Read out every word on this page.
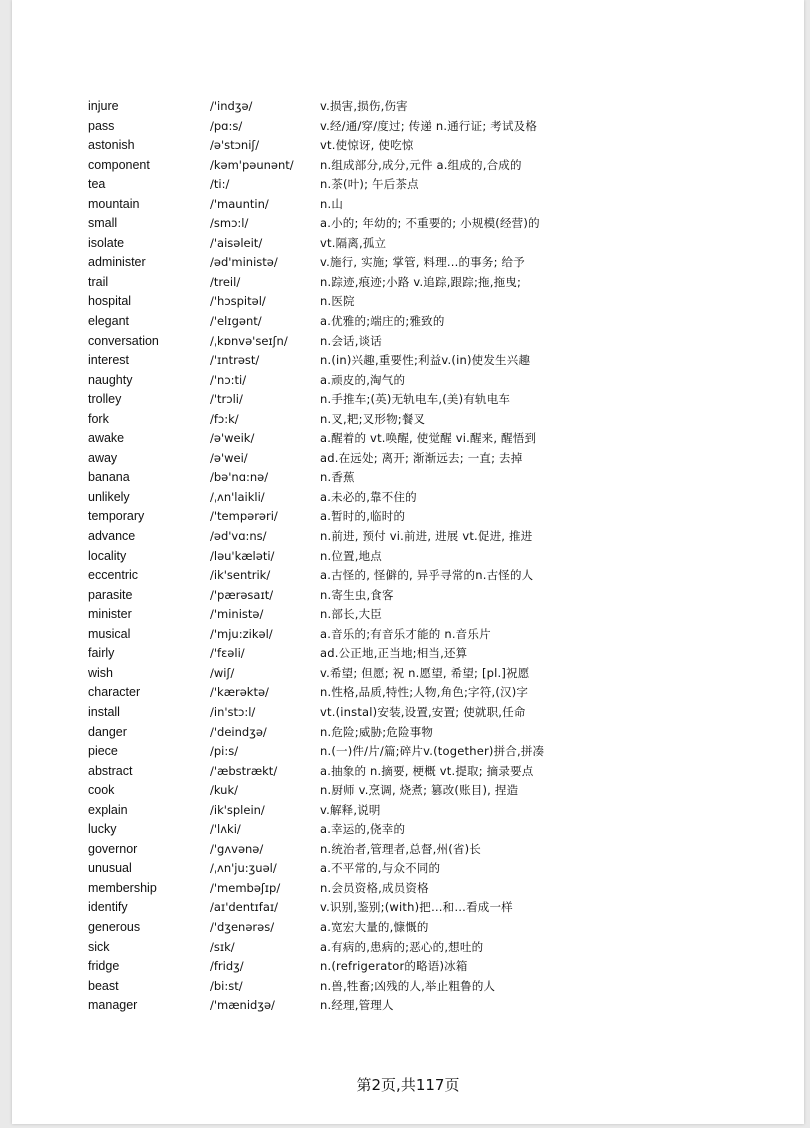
injure	/'indʒə/	v.损害,损伤,伤害
pass	/pɑ:s/	v.经/通/穿/度过; 传递 n.通行证; 考试及格
astonish	/ə'stɔniʃ/	vt.使惊讶, 使吃惊
component	/kəm'pəunənt/ n.组成部分,成分,元件 a.组成的,合成的
tea	/ti:/	n.茶(叶); 午后茶点
mountain	/'mauntin/	n.山
small	/smɔ:l/	a.小的; 年幼的; 不重要的; 小规模(经营)的
isolate	/'aisəleit/	vt.隔离,孤立
administer	/əd'ministə/	v.施行, 实施; 掌管, 料理...的事务; 给予
trail	/treil/	n.踪迹,痕迹;小路 v.追踪,跟踪;拖,拖曳;
hospital	/'hɔspitəl/	n.医院
elegant	/'elɪgənt/	a.优雅的;端庄的;雅致的
conversation	/ˌkɒnvə'seɪʃn/	n.会话,谈话
interest	/'ɪntrəst/	n.(in)兴趣,重要性;利益v.(in)使发生兴趣
naughty	/'nɔ:ti/	a.顽皮的,淘气的
trolley	/'trɔli/	n.手推车;(英)无轨电车,(美)有轨电车
fork	/fɔ:k/	n.叉,耙;叉形物;餐叉
awake	/ə'weik/	a.醒着的 vt.唤醒, 使觉醒 vi.醒来, 醒悟到
away	/ə'wei/	ad.在远处; 离开; 渐渐远去; 一直; 去掉
banana	/bə'nɑ:nə/	n.香蕉
unlikely	/ˌʌn'laikli/	a.未必的,靠不住的
temporary	/'tempərəri/	a.暂时的,临时的
advance	/əd'vɑ:ns/	n.前进, 预付 vi.前进, 进展 vt.促进, 推进
locality	/ləu'kæləti/	n.位置,地点
eccentric	/ik'sentrik/	a.古怪的, 怪僻的, 异乎寻常的n.古怪的人
parasite	/'pærəsaɪt/	n.寄生虫,食客
minister	/'ministə/	n.部长,大臣
musical	/'mju:zikəl/	a.音乐的;有音乐才能的 n.音乐片
fairly	/'fɛəli/	ad.公正地,正当地;相当,还算
wish	/wiʃ/	v.希望; 但愿; 祝 n.愿望, 希望; [pl.]祝愿
character	/'kærəktə/	n.性格,品质,特性;人物,角色;字符,(汉)字
install	/in'stɔ:l/	vt.(instal)安装,设置,安置; 使就职,任命
danger	/'deindʒə/	n.危险;威胁;危险事物
piece	/pi:s/	n.(一)件/片/篇;碎片v.(together)拼合,拼凑
abstract	/'æbstrækt/	a.抽象的 n.摘要, 梗概 vt.提取; 摘录要点
cook	/kuk/	n.厨师 v.烹调, 烧煮; 篡改(账目), 捏造
explain	/ik'splein/	v.解释,说明
lucky	/'lʌki/	a.幸运的,侥幸的
governor	/'gʌvənə/	n.统治者,管理者,总督,州(省)长
unusual	/ˌʌn'ju:ʒuəl/	a.不平常的,与众不同的
membership	/'membəʃɪp/	n.会员资格,成员资格
identify	/aɪ'dentɪfaɪ/	v.识别,鉴别;(with)把…和…看成一样
generous	/'dʒenərəs/	a.宽宏大量的,慷慨的
sick	/sɪk/	a.有病的,患病的;恶心的,想吐的
fridge	/fridʒ/	n.(refrigerator的略语)冰箱
beast	/bi:st/	n.兽,牲畜;凶残的人,举止粗鲁的人
manager	/'mænidʒə/	n.经理,管理人
第2页,共117页
